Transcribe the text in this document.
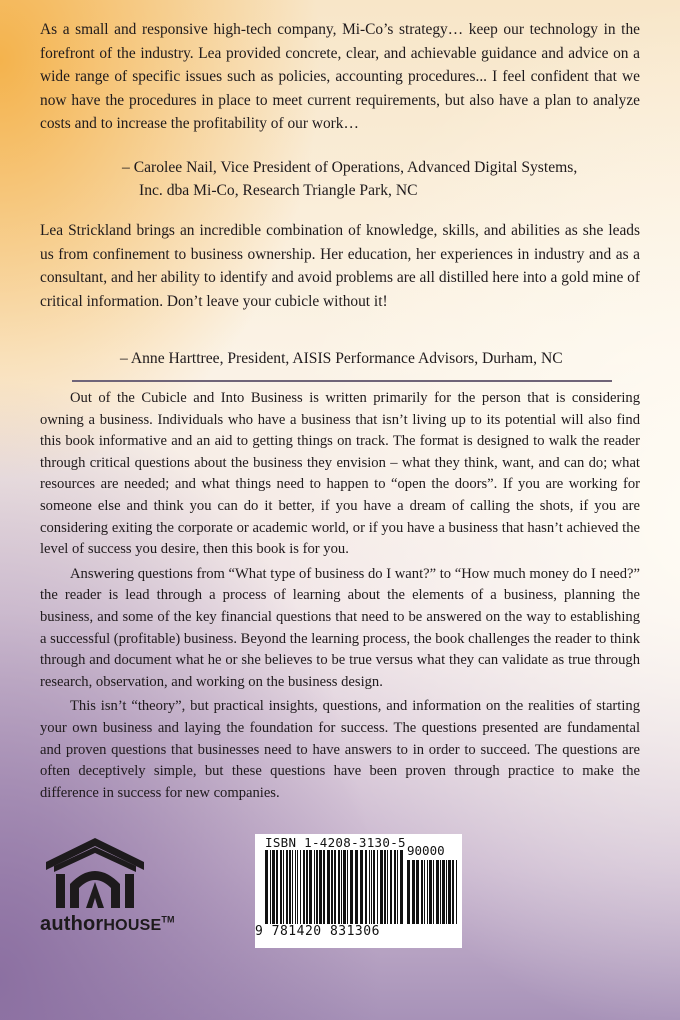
As a small and responsive high-tech company, Mi-Co’s strategy… keep our technology in the forefront of the industry. Lea provided concrete, clear, and achievable guidance and advice on a wide range of specific issues such as policies, accounting procedures... I feel confident that we now have the procedures in place to meet current requirements, but also have a plan to analyze costs and to increase the profitability of our work…
– Carolee Nail, Vice President of Operations, Advanced Digital Systems,
Inc. dba Mi-Co, Research Triangle Park, NC
Lea Strickland brings an incredible combination of knowledge, skills, and abilities as she leads us from confinement to business ownership. Her education, her experiences in industry and as a consultant, and her ability to identify and avoid problems are all distilled here into a gold mine of critical information. Don’t leave your cubicle without it!
– Anne Harttree, President, AISIS Performance Advisors, Durham, NC

Out of the Cubicle and Into Business is written primarily for the person that is considering owning a business. Individuals who have a business that isn’t living up to its potential will also find this book informative and an aid to getting things on track. The format is designed to walk the reader through critical questions about the business they envision – what they think, want, and can do; what resources are needed; and what things need to happen to “open the doors”. If you are working for someone else and think you can do it better, if you have a dream of calling the shots, if you are considering exiting the corporate or academic world, or if you have a business that hasn’t achieved the level of success you desire, then this book is for you.

Answering questions from “What type of business do I want?” to “How much money do I need?” the reader is lead through a process of learning about the elements of a business, planning the business, and some of the key financial questions that need to be answered on the way to establishing a successful (profitable) business. Beyond the learning process, the book challenges the reader to think through and document what he or she believes to be true versus what they can validate as true through research, observation, and working on the business design.

This isn’t “theory”, but practical insights, questions, and information on the realities of starting your own business and laying the foundation for success. The questions presented are fundamental and proven questions that businesses need to have answers to in order to succeed. The questions are often deceptively simple, but these questions have been proven through practice to make the difference in success for new companies.

authorHOUSE™
ISBN 1-4208-3130-5
90000
9 781420 831306
